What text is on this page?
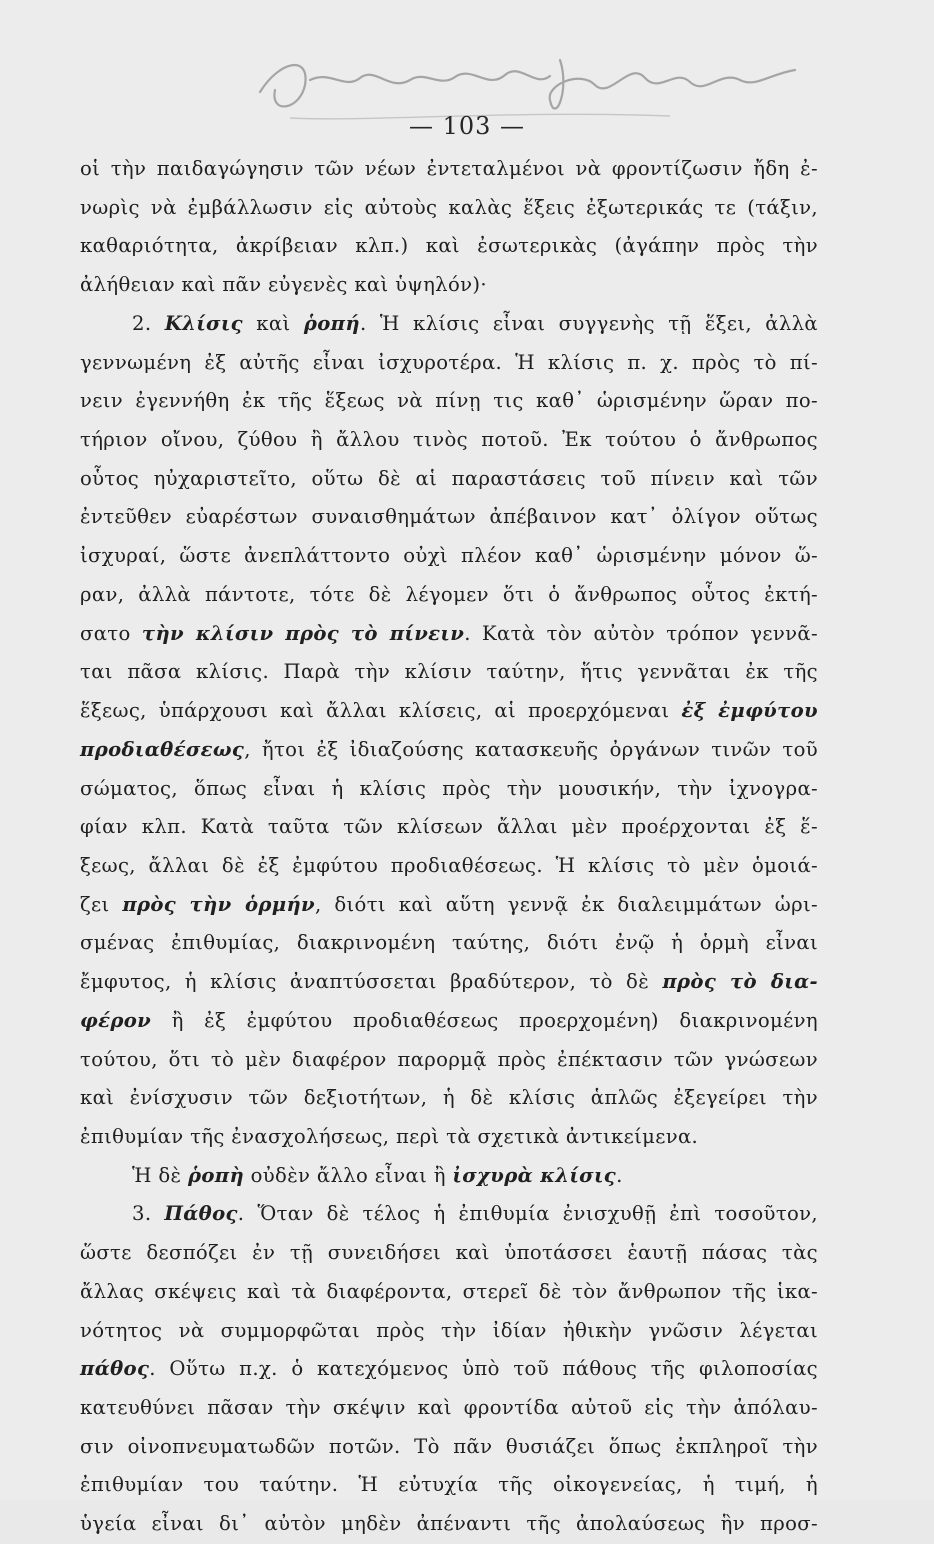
— 103 —
οἱ τὴν παιδαγώγησιν τῶν νέων ἐντεταλμένοι νὰ φροντίζωσιν ἤδη ἐ-
νωρὶς νὰ ἐμβάλλωσιν εἰς αὐτοὺς καλὰς ἕξεις ἐξωτερικάς τε (τάξιν,
καθαριότητα, ἀκρίβειαν κλπ.) καὶ ἐσωτερικὰς (ἀγάπην πρὸς τὴν
ἀλήθειαν καὶ πᾶν εὐγενὲς καὶ ὑψηλόν)·
2. Κλίσις καὶ ῥοπή. Ἡ κλίσις εἶναι συγγενὴς τῇ ἕξει, ἀλλὰ
γεννωμένη ἐξ αὐτῆς εἶναι ἰσχυροτέρα. Ἡ κλίσις π. χ. πρὸς τὸ πί-
νειν ἐγεννήθη ἐκ τῆς ἕξεως νὰ πίνῃ τις καθ᾽ ὡρισμένην ὥραν πο-
τήριον οἴνου, ζύθου ἢ ἄλλου τινὸς ποτοῦ. Ἐκ τούτου ὁ ἄνθρωπος
οὗτος ηὐχαριστεῖτο, οὕτω δὲ αἱ παραστάσεις τοῦ πίνειν καὶ τῶν
ἐντεῦθεν εὐαρέστων συναισθημάτων ἀπέβαινον κατ᾽ ὀλίγον οὕτως
ἰσχυραί, ὥστε ἀνεπλάττοντο οὐχὶ πλέον καθ᾽ ὡρισμένην μόνον ὥ-
ραν, ἀλλὰ πάντοτε, τότε δὲ λέγομεν ὅτι ὁ ἄνθρωπος οὗτος ἐκτή-
σατο τὴν κλίσιν πρὸς τὸ πίνειν. Κατὰ τὸν αὐτὸν τρόπον γεννᾶ-
ται πᾶσα κλίσις. Παρὰ τὴν κλίσιν ταύτην, ἥτις γεννᾶται ἐκ τῆς
ἕξεως, ὑπάρχουσι καὶ ἄλλαι κλίσεις, αἱ προερχόμεναι ἐξ ἐμφύτου
προδιαθέσεως, ἤτοι ἐξ ἰδιαζούσης κατασκευῆς ὀργάνων τινῶν τοῦ
σώματος, ὅπως εἶναι ἡ κλίσις πρὸς τὴν μουσικήν, τὴν ἰχνογρα-
φίαν κλπ. Κατὰ ταῦτα τῶν κλίσεων ἄλλαι μὲν προέρχονται ἐξ ἕ-
ξεως, ἄλλαι δὲ ἐξ ἐμφύτου προδιαθέσεως. Ἡ κλίσις τὸ μὲν ὁμοιά-
ζει πρὸς τὴν ὁρμήν, διότι καὶ αὕτη γεννᾷ ἐκ διαλειμμάτων ὡρι-
σμένας ἐπιθυμίας, διακρινομένη ταύτης, διότι ἐνῷ ἡ ὁρμὴ εἶναι
ἔμφυτος, ἡ κλίσις ἀναπτύσσεται βραδύτερον, τὸ δὲ πρὸς τὸ δια-
φέρον ἢ ἐξ ἐμφύτου προδιαθέσεως προερχομένη) διακρινομένη
τούτου, ὅτι τὸ μὲν διαφέρον παρορμᾷ πρὸς ἐπέκτασιν τῶν γνώσεων
καὶ ἐνίσχυσιν τῶν δεξιοτήτων, ἡ δὲ κλίσις ἁπλῶς ἐξεγείρει τὴν
ἐπιθυμίαν τῆς ἐνασχολήσεως, περὶ τὰ σχετικὰ ἀντικείμενα.
Ἡ δὲ ῥοπὴ οὐδὲν ἄλλο εἶναι ἢ ἰσχυρὰ κλίσις.
3. Πάθος. Ὅταν δὲ τέλος ἡ ἐπιθυμία ἐνισχυθῇ ἐπὶ τοσοῦτον,
ὥστε δεσπόζει ἐν τῇ συνειδήσει καὶ ὑποτάσσει ἑαυτῇ πάσας τὰς
ἄλλας σκέψεις καὶ τὰ διαφέροντα, στερεῖ δὲ τὸν ἄνθρωπον τῆς ἱκα-
νότητος νὰ συμμορφῶται πρὸς τὴν ἰδίαν ἠθικὴν γνῶσιν λέγεται
πάθος. Οὕτω π.χ. ὁ κατεχόμενος ὑπὸ τοῦ πάθους τῆς φιλοποσίας
κατευθύνει πᾶσαν τὴν σκέψιν καὶ φροντίδα αὐτοῦ εἰς τὴν ἀπόλαυ-
σιν οἰνοπνευματωδῶν ποτῶν. Τὸ πᾶν θυσιάζει ὅπως ἐκπληροῖ τὴν
ἐπιθυμίαν του ταύτην. Ἡ εὐτυχία τῆς οἰκογενείας, ἡ τιμή, ἡ
ὑγεία εἶναι δι᾽ αὐτὸν μηδὲν ἀπέναντι τῆς ἀπολαύσεως ἣν προσ-
